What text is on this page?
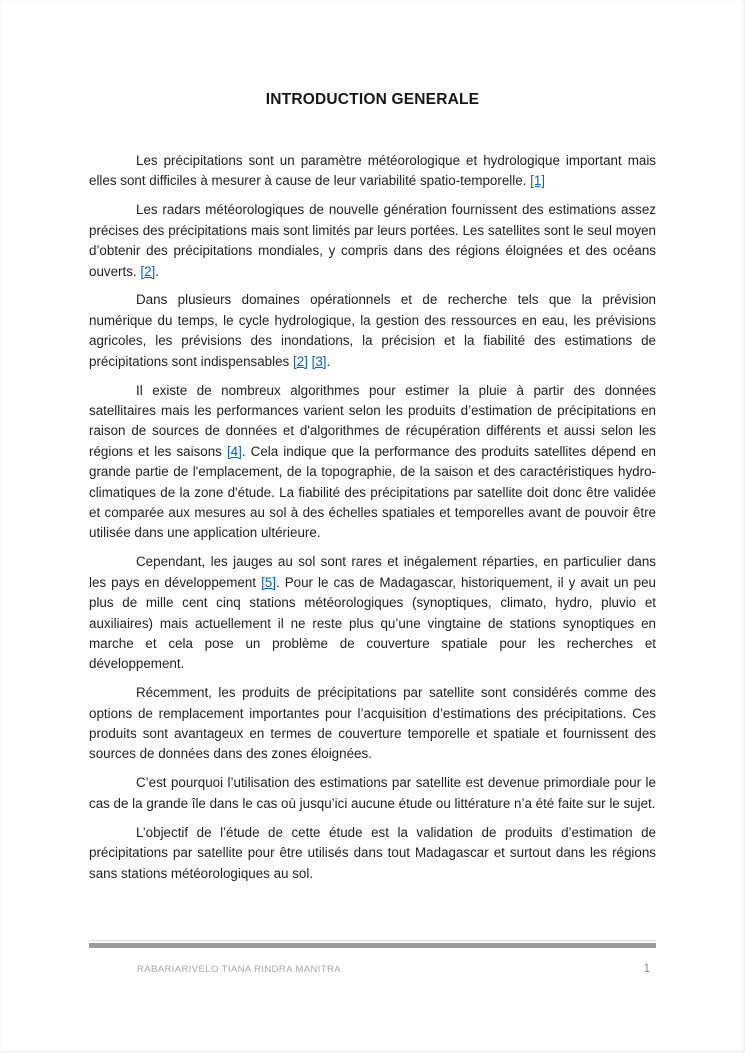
INTRODUCTION GENERALE

Les précipitations sont un paramètre météorologique et hydrologique important mais elles sont difficiles à mesurer à cause de leur variabilité spatio-temporelle. [1]

Les radars météorologiques de nouvelle génération fournissent des estimations assez précises des précipitations mais sont limités par leurs portées. Les satellites sont le seul moyen d’obtenir des précipitations mondiales, y compris dans des régions éloignées et des océans ouverts. [2].

Dans plusieurs domaines opérationnels et de recherche tels que la prévision numérique du temps, le cycle hydrologique, la gestion des ressources en eau, les prévisions agricoles, les prévisions des inondations, la précision et la fiabilité des estimations de précipitations sont indispensables [2] [3].

Il existe de nombreux algorithmes pour estimer la pluie à partir des données satellitaires mais les performances varient selon les produits d’estimation de précipitations en raison de sources de données et d'algorithmes de récupération différents et aussi selon les régions et les saisons [4]. Cela indique que la performance des produits satellites dépend en grande partie de l'emplacement, de la topographie, de la saison et des caractéristiques hydro-climatiques de la zone d'étude. La fiabilité des précipitations par satellite doit donc être validée et comparée aux mesures au sol à des échelles spatiales et temporelles avant de pouvoir être utilisée dans une application ultérieure.

Cependant, les jauges au sol sont rares et inégalement réparties, en particulier dans les pays en développement [5]. Pour le cas de Madagascar, historiquement, il y avait un peu plus de mille cent cinq stations météorologiques (synoptiques, climato, hydro, pluvio et auxiliaires) mais actuellement il ne reste plus qu’une vingtaine de stations synoptiques en marche et cela pose un problème de couverture spatiale pour les recherches et développement.

Récemment, les produits de précipitations par satellite sont considérés comme des options de remplacement importantes pour l’acquisition d’estimations des précipitations. Ces produits sont avantageux en termes de couverture temporelle et spatiale et fournissent des sources de données dans des zones éloignées.

C’est pourquoi l’utilisation des estimations par satellite est devenue primordiale pour le cas de la grande île dans le cas où jusqu’ici aucune étude ou littérature n’a été faite sur le sujet.

L’objectif de l’étude de cette étude est la validation de produits d’estimation de précipitations par satellite pour être utilisés dans tout Madagascar et surtout dans les régions sans stations météorologiques au sol.

RABARIARIVELO TIANA RINDRA MANITRA	1
